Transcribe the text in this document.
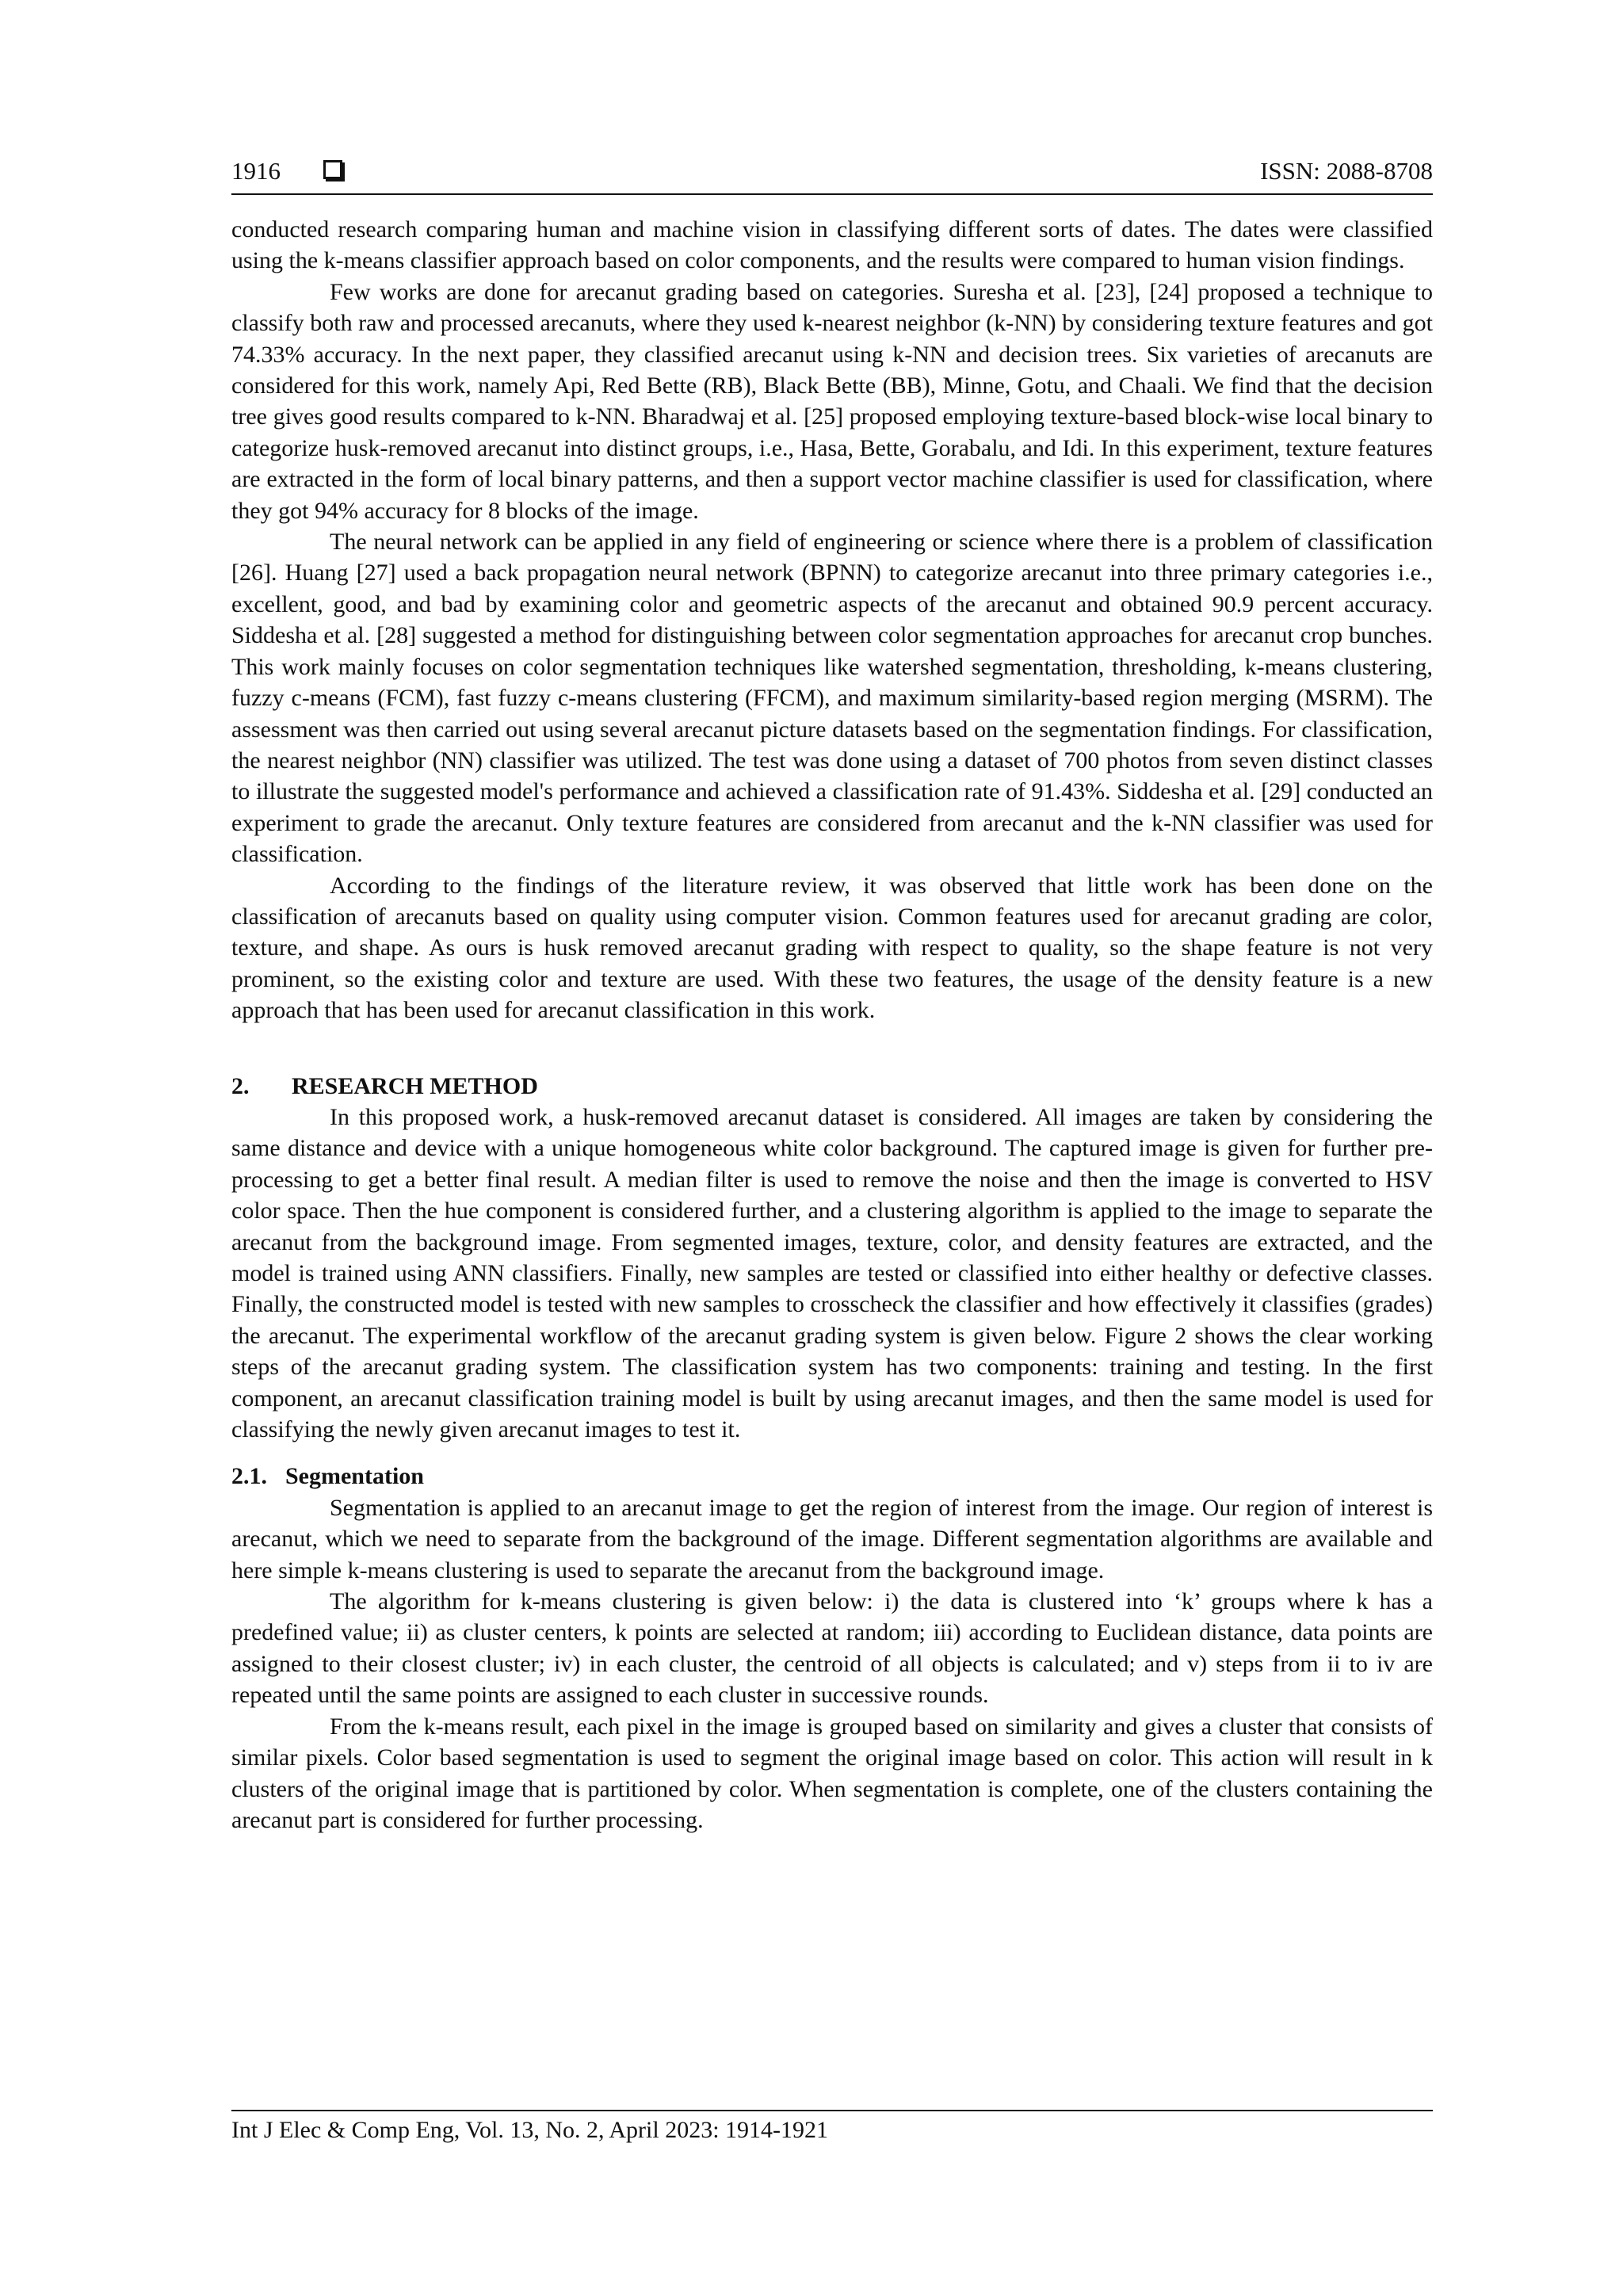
1916	ISSN: 2088-8708

conducted research comparing human and machine vision in classifying different sorts of dates. The dates were classified using the k-means classifier approach based on color components, and the results were compared to human vision findings.

Few works are done for arecanut grading based on categories. Suresha et al. [23], [24] proposed a technique to classify both raw and processed arecanuts, where they used k-nearest neighbor (k-NN) by considering texture features and got 74.33% accuracy. In the next paper, they classified arecanut using k-NN and decision trees. Six varieties of arecanuts are considered for this work, namely Api, Red Bette (RB), Black Bette (BB), Minne, Gotu, and Chaali. We find that the decision tree gives good results compared to k-NN. Bharadwaj et al. [25] proposed employing texture-based block-wise local binary to categorize husk-removed arecanut into distinct groups, i.e., Hasa, Bette, Gorabalu, and Idi. In this experiment, texture features are extracted in the form of local binary patterns, and then a support vector machine classifier is used for classification, where they got 94% accuracy for 8 blocks of the image.

The neural network can be applied in any field of engineering or science where there is a problem of classification [26]. Huang [27] used a back propagation neural network (BPNN) to categorize arecanut into three primary categories i.e., excellent, good, and bad by examining color and geometric aspects of the arecanut and obtained 90.9 percent accuracy. Siddesha et al. [28] suggested a method for distinguishing between color segmentation approaches for arecanut crop bunches. This work mainly focuses on color segmentation techniques like watershed segmentation, thresholding, k-means clustering, fuzzy c-means (FCM), fast fuzzy c-means clustering (FFCM), and maximum similarity-based region merging (MSRM). The assessment was then carried out using several arecanut picture datasets based on the segmentation findings. For classification, the nearest neighbor (NN) classifier was utilized. The test was done using a dataset of 700 photos from seven distinct classes to illustrate the suggested model's performance and achieved a classification rate of 91.43%. Siddesha et al. [29] conducted an experiment to grade the arecanut. Only texture features are considered from arecanut and the k-NN classifier was used for classification.

According to the findings of the literature review, it was observed that little work has been done on the classification of arecanuts based on quality using computer vision. Common features used for arecanut grading are color, texture, and shape. As ours is husk removed arecanut grading with respect to quality, so the shape feature is not very prominent, so the existing color and texture are used. With these two features, the usage of the density feature is a new approach that has been used for arecanut classification in this work.

2. RESEARCH METHOD

In this proposed work, a husk-removed arecanut dataset is considered. All images are taken by considering the same distance and device with a unique homogeneous white color background. The captured image is given for further pre-processing to get a better final result. A median filter is used to remove the noise and then the image is converted to HSV color space. Then the hue component is considered further, and a clustering algorithm is applied to the image to separate the arecanut from the background image. From segmented images, texture, color, and density features are extracted, and the model is trained using ANN classifiers. Finally, new samples are tested or classified into either healthy or defective classes. Finally, the constructed model is tested with new samples to crosscheck the classifier and how effectively it classifies (grades) the arecanut. The experimental workflow of the arecanut grading system is given below. Figure 2 shows the clear working steps of the arecanut grading system. The classification system has two components: training and testing. In the first component, an arecanut classification training model is built by using arecanut images, and then the same model is used for classifying the newly given arecanut images to test it.

2.1. Segmentation

Segmentation is applied to an arecanut image to get the region of interest from the image. Our region of interest is arecanut, which we need to separate from the background of the image. Different segmentation algorithms are available and here simple k-means clustering is used to separate the arecanut from the background image.

The algorithm for k-means clustering is given below: i) the data is clustered into ‘k’ groups where k has a predefined value; ii) as cluster centers, k points are selected at random; iii) according to Euclidean distance, data points are assigned to their closest cluster; iv) in each cluster, the centroid of all objects is calculated; and v) steps from ii to iv are repeated until the same points are assigned to each cluster in successive rounds.

From the k-means result, each pixel in the image is grouped based on similarity and gives a cluster that consists of similar pixels. Color based segmentation is used to segment the original image based on color. This action will result in k clusters of the original image that is partitioned by color. When segmentation is complete, one of the clusters containing the arecanut part is considered for further processing.

Int J Elec & Comp Eng, Vol. 13, No. 2, April 2023: 1914-1921
